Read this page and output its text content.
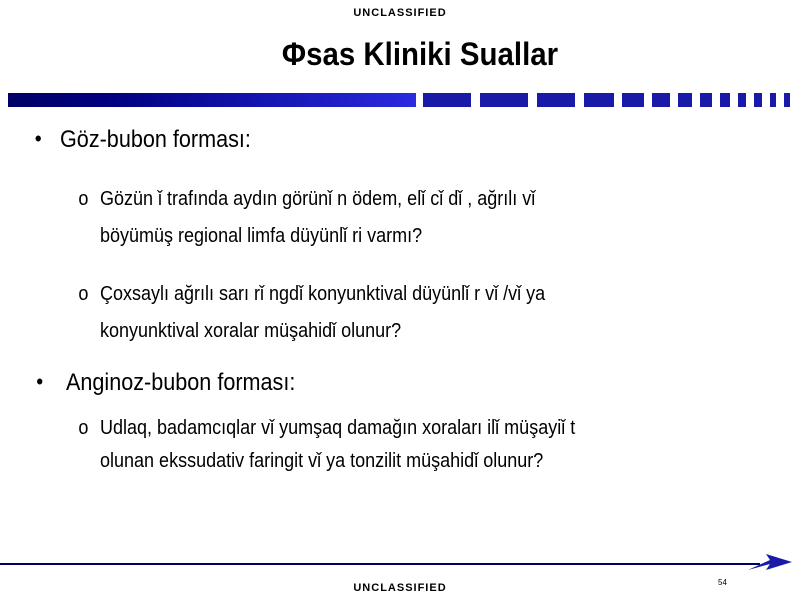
UNCLASSIFIED
Φsas Kliniki Suallar
• Göz-bubon forması:
o Gözün ǐ trafında aydın görünǐ n ödem, elǐ cǐ dǐ , ağrılı vǐ
böyümüş regional limfa düyünlǐ ri varmı?
o Çoxsaylı ağrılı sarı rǐ ngdǐ konyunktival düyünlǐ r vǐ /vǐ ya
konyunktival xoralar müşahidǐ olunur?
• Anginoz-bubon forması:
o Udlaq, badamcıqlar vǐ yumşaq damağın xoraları ilǐ müşayiǐ t
olunan ekssudativ faringit vǐ ya tonzilit müşahidǐ olunur?
54
UNCLASSIFIED
